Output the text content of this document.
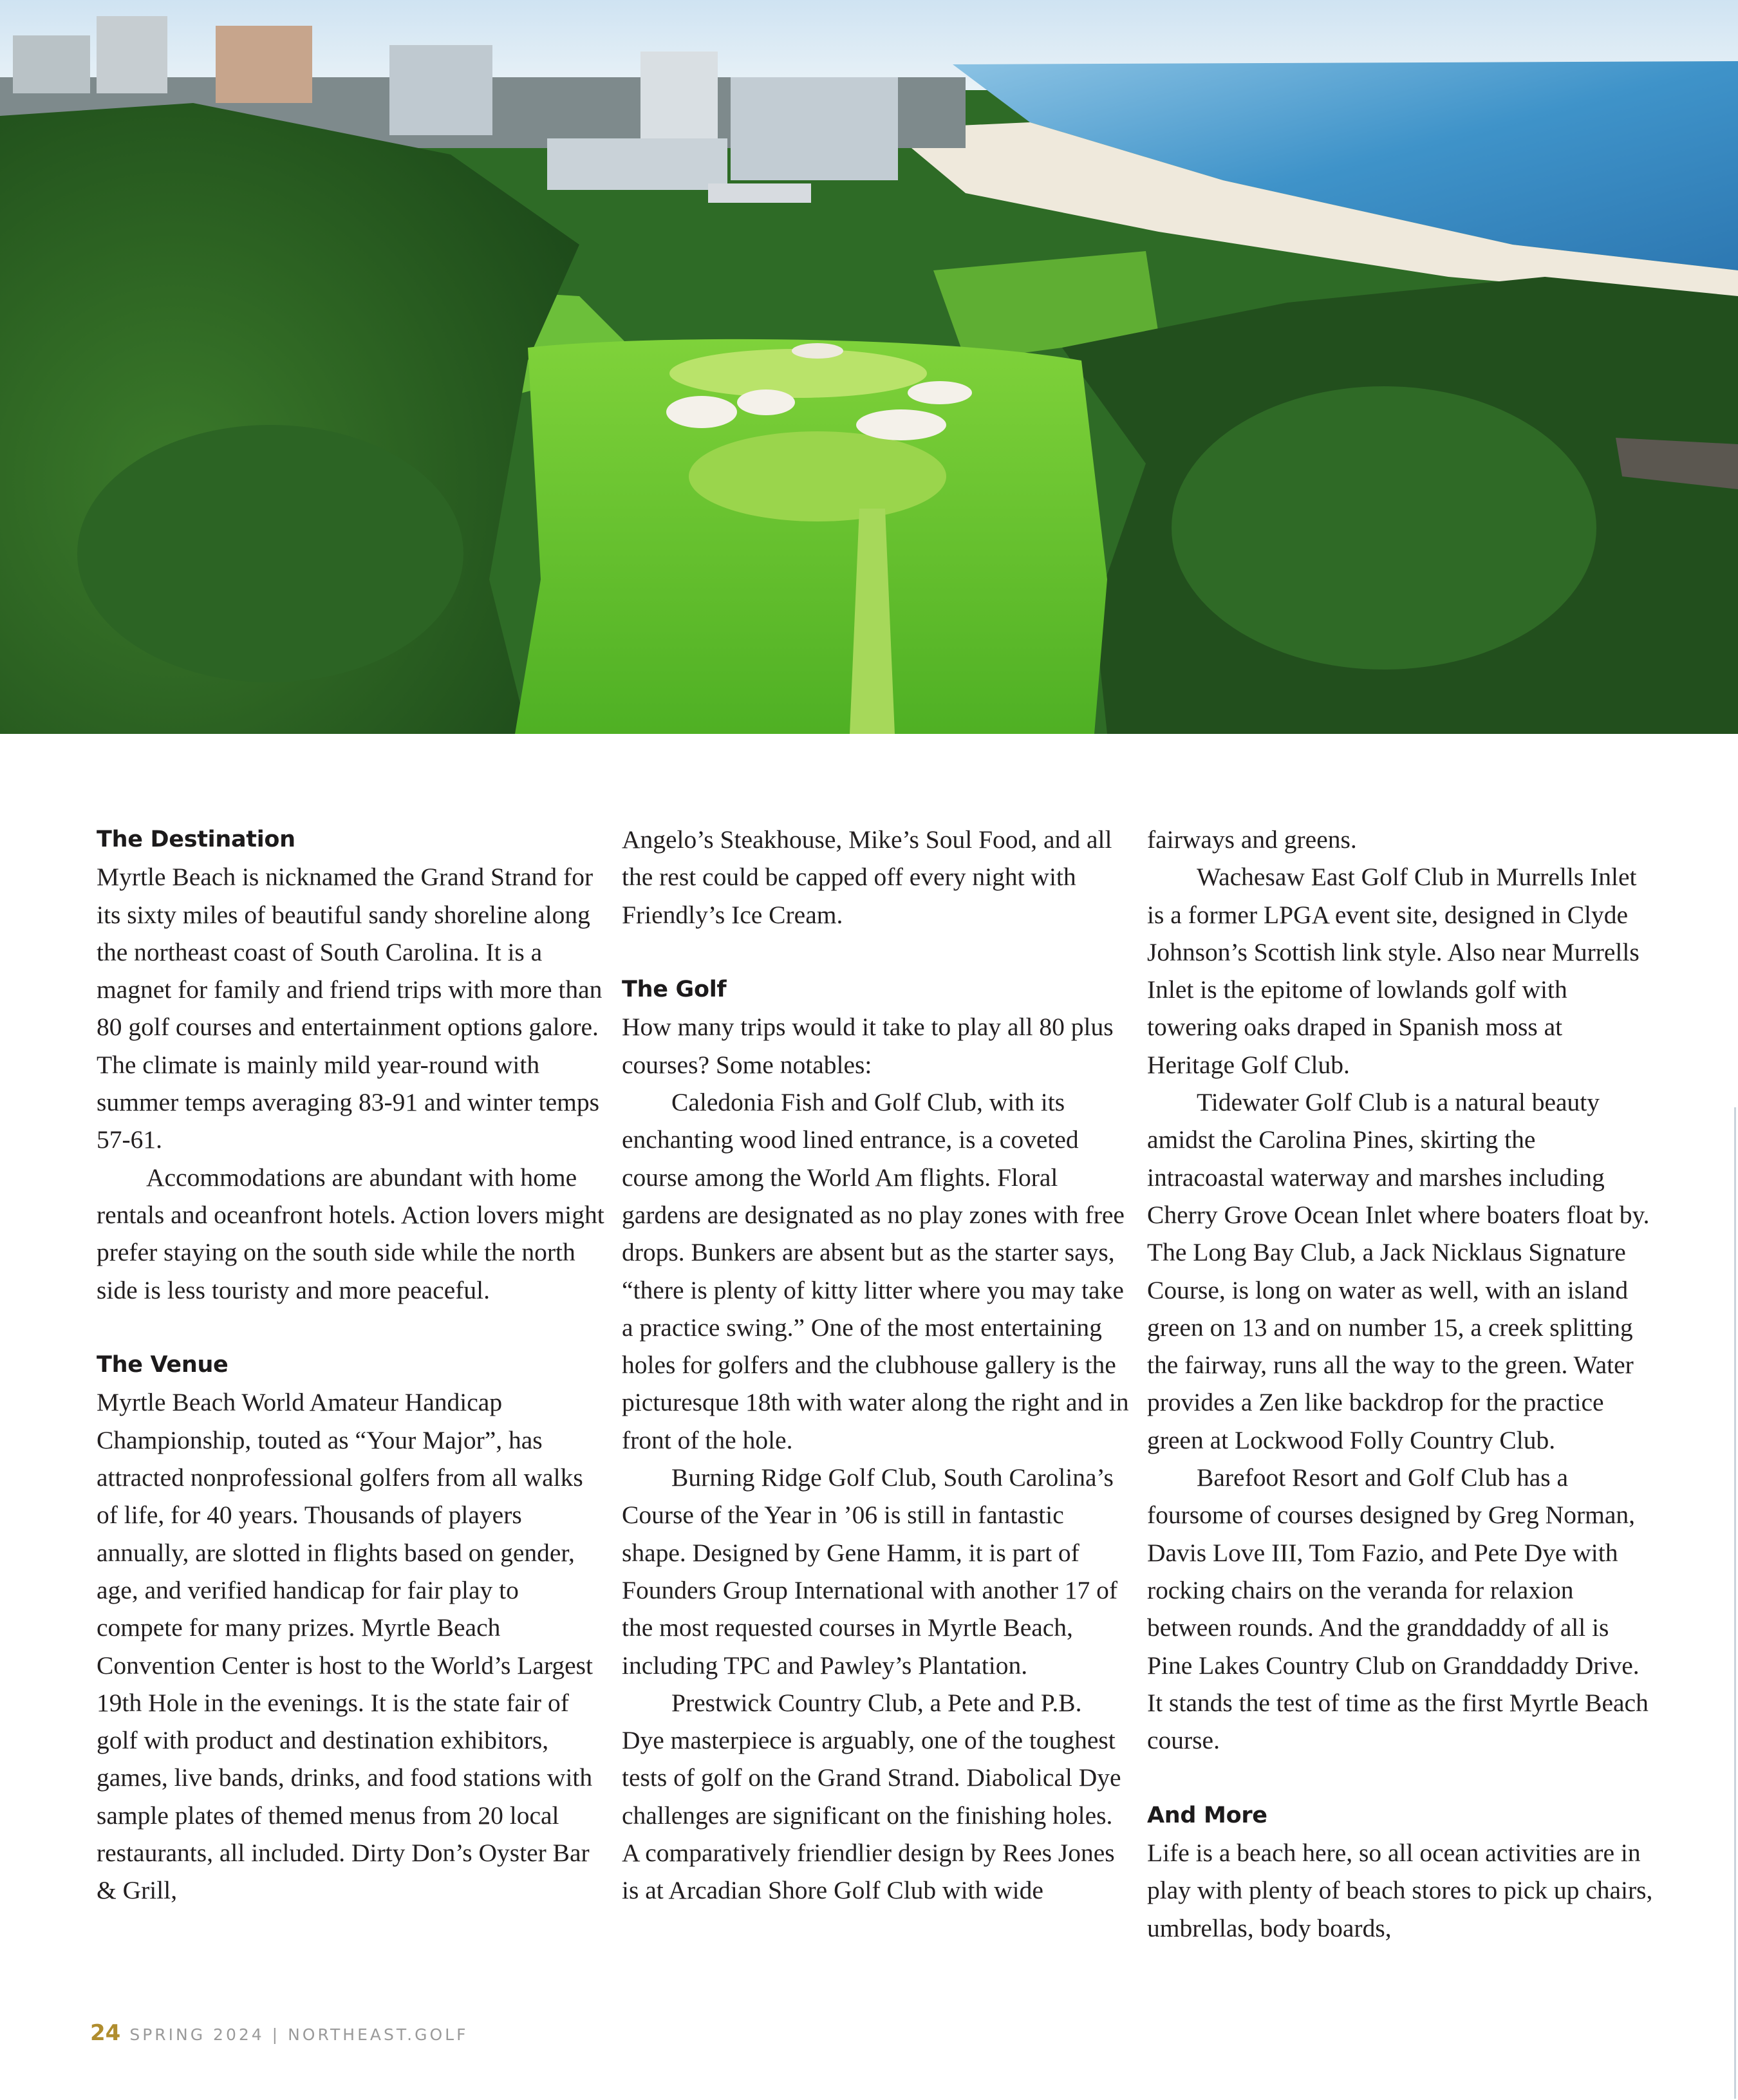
The Destination

Myrtle Beach is nicknamed the Grand Strand for its sixty miles of beautiful sandy shoreline along the northeast coast of South Carolina. It is a magnet for family and friend trips with more than 80 golf courses and entertainment options galore. The climate is mainly mild year-round with summer temps averaging 83-91 and winter temps 57-61.

Accommodations are abundant with home rentals and oceanfront hotels. Action lovers might prefer staying on the south side while the north side is less touristy and more peaceful.

The Venue

Myrtle Beach World Amateur Handicap Championship, touted as “Your Major”, has attracted nonprofessional golfers from all walks of life, for 40 years. Thousands of players annually, are slotted in flights based on gender, age, and verified handicap for fair play to compete for many prizes. Myrtle Beach Convention Center is host to the World’s Largest 19th Hole in the evenings. It is the state fair of golf with product and destination exhibitors, games, live bands, drinks, and food stations with sample plates of themed menus from 20 local restaurants, all included. Dirty Don’s Oyster Bar & Grill,

Angelo’s Steakhouse, Mike’s Soul Food, and all the rest could be capped off every night with Friendly’s Ice Cream.

The Golf

How many trips would it take to play all 80 plus courses? Some notables:

Caledonia Fish and Golf Club, with its enchanting wood lined entrance, is a coveted course among the World Am flights. Floral gardens are designated as no play zones with free drops. Bunkers are absent but as the starter says, “there is plenty of kitty litter where you may take a practice swing.” One of the most entertaining holes for golfers and the clubhouse gallery is the picturesque 18th with water along the right and in front of the hole.

Burning Ridge Golf Club, South Carolina’s Course of the Year in ’06 is still in fantastic shape. Designed by Gene Hamm, it is part of Founders Group International with another 17 of the most requested courses in Myrtle Beach, including TPC and Pawley’s Plantation.

Prestwick Country Club, a Pete and P.B. Dye masterpiece is arguably, one of the toughest tests of golf on the Grand Strand. Diabolical Dye challenges are significant on the finishing holes. A comparatively friendlier design by Rees Jones is at Arcadian Shore Golf Club with wide

fairways and greens.

Wachesaw East Golf Club in Murrells Inlet is a former LPGA event site, designed in Clyde Johnson’s Scottish link style. Also near Murrells Inlet is the epitome of lowlands golf with towering oaks draped in Spanish moss at Heritage Golf Club.

Tidewater Golf Club is a natural beauty amidst the Carolina Pines, skirting the intracoastal waterway and marshes including Cherry Grove Ocean Inlet where boaters float by. The Long Bay Club, a Jack Nicklaus Signature Course, is long on water as well, with an island green on 13 and on number 15, a creek splitting the fairway, runs all the way to the green. Water provides a Zen like backdrop for the practice green at Lockwood Folly Country Club.

Barefoot Resort and Golf Club has a foursome of courses designed by Greg Norman, Davis Love III, Tom Fazio, and Pete Dye with rocking chairs on the veranda for relaxion between rounds. And the granddaddy of all is Pine Lakes Country Club on Granddaddy Drive. It stands the test of time as the first Myrtle Beach course.

And More

Life is a beach here, so all ocean activities are in play with plenty of beach stores to pick up chairs, umbrellas, body boards,

24 SPRING 2024 | NORTHEAST.GOLF
